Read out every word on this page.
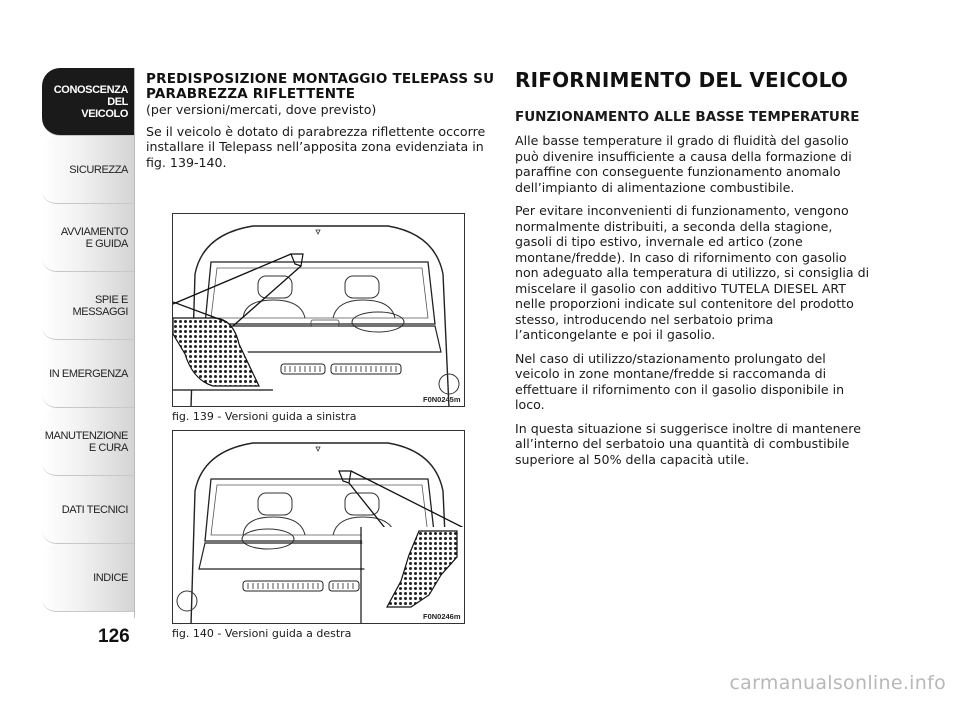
CONOSCENZA
DEL
VEICOLO
SICUREZZA
AVVIAMENTO
E GUIDA
SPIE E
MESSAGGI
IN EMERGENZA
MANUTENZIONE
E CURA
DATI TECNICI
INDICE
126
PREDISPOSIZIONE MONTAGGIO TELEPASS SU PARABREZZA RIFLETTENTE
(per versioni/mercati, dove previsto)
Se il veicolo è dotato di parabrezza riflettente occorre installare il Telepass nell’apposita zona evidenziata in fig. 139-140.
F0N0245m
fig. 139 - Versioni guida a sinistra
F0N0246m
fig. 140 - Versioni guida a destra
RIFORNIMENTO DEL VEICOLO
FUNZIONAMENTO ALLE BASSE TEMPERATURE
Alle basse temperature il grado di fluidità del gasolio può divenire insufficiente a causa della formazione di paraffine con conseguente funzionamento anomalo dell’impianto di alimentazione combustibile.
Per evitare inconvenienti di funzionamento, vengono normalmente distribuiti, a seconda della stagione, gasoli di tipo estivo, invernale ed artico (zone montane/fredde). In caso di rifornimento con gasolio non adeguato alla temperatura di utilizzo, si consiglia di miscelare il gasolio con additivo TUTELA DIESEL ART nelle proporzioni indicate sul contenitore del prodotto stesso, introducendo nel serbatoio prima l’anticongelante e poi il gasolio.
Nel caso di utilizzo/stazionamento prolungato del veicolo in zone montane/fredde si raccomanda di effettuare il rifornimento con il gasolio disponibile in loco.
In questa situazione si suggerisce inoltre di mantenere all’interno del serbatoio una quantità di combustibile superiore al 50% della capacità utile.
carmanualsonline.info
